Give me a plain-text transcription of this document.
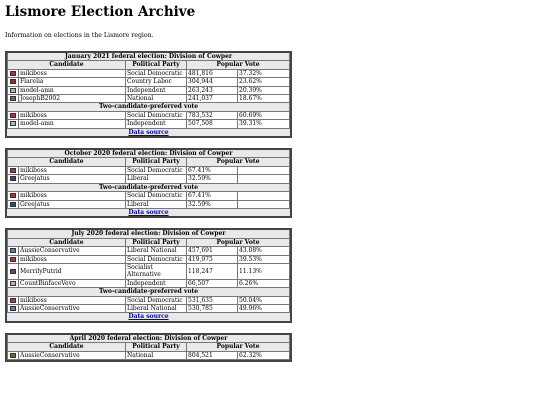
Lismore Election Archive

Information on elections in the Lismore region.

January 2021 federal election: Division of Cowper				
Candidate		Political Party	Popular Vote	
	mikiboss	Social Democratic	481,816	37.32%
	Flarelia	Country Labor	304,944	23.62%
	model-amn	Independent	263,243	20.39%
	JosephB2002	National	241,037	18.67%
Two-candidate-preferred vote				
	mikiboss	Social Democratic	783,532	60.69%
	model-amn	Independent	507,508	39.31%
Data source				
October 2020 federal election: Division of Cowper				
Candidate		Political Party	Popular Vote	
	mikiboss	Social Democratic	67.41%	
	Greejatus	Liberal	32.59%	
Two-candidate-preferred vote				
	mikiboss	Social Democratic	67.41%	
	Greejatus	Liberal	32.59%	
Data source				
July 2020 federal election: Division of Cowper				
Candidate		Political Party	Popular Vote	
	AussieConservative	Liberal National	457,691	43.08%
	mikiboss	Social Democratic	419,975	39.53%
	MerrilyPutrid	Socialist Alternative	118,247	11.13%
	CountBinfaceVevo	Independent	66,507	6.26%
Two-candidate-preferred vote				
	mikiboss	Social Democratic	531,635	50.04%
	AussieConservative	Liberal National	530,785	49.96%
Data source				
April 2020 federal election: Division of Cowper				
Candidate		Political Party	Popular Vote	
	AussieConservative	National	804,521	62.32%
